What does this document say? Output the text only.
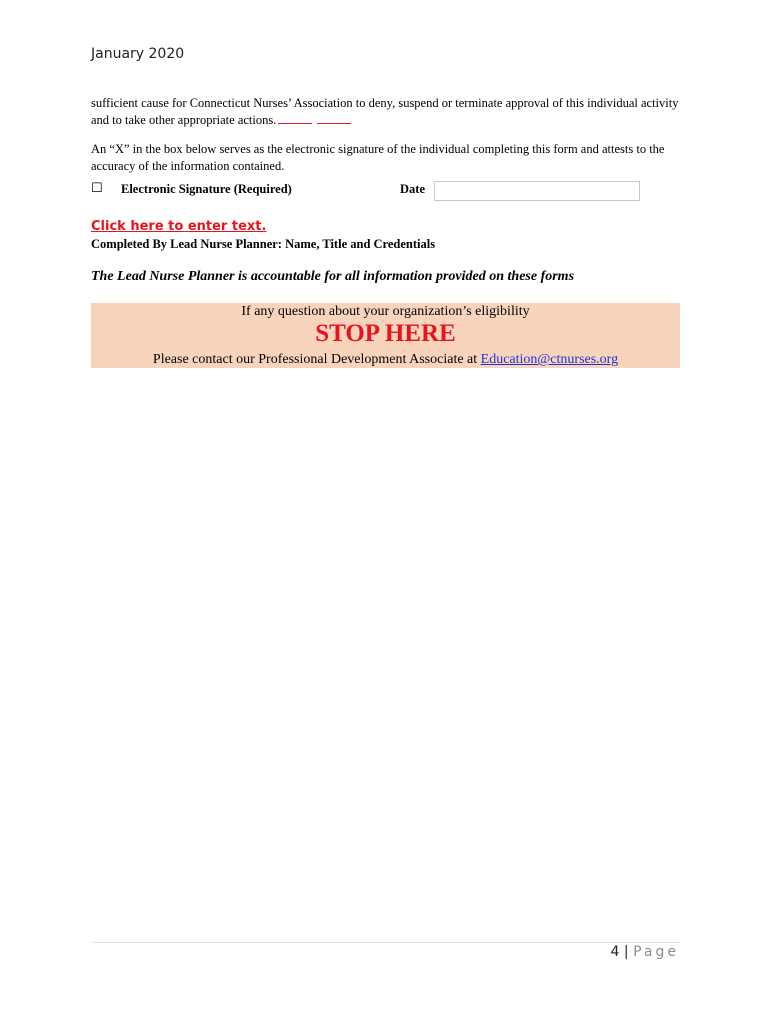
January 2020
sufficient cause for Connecticut Nurses’ Association to deny, suspend or terminate approval of this individual activity and to take other appropriate actions.
An “X” in the box below serves as the electronic signature of the individual completing this form and attests to the accuracy of the information contained.
☐ Electronic Signature (Required)	Date
Click here to enter text.
Completed By Lead Nurse Planner: Name, Title and Credentials
The Lead Nurse Planner is accountable for all information provided on these forms
If any question about your organization’s eligibility
STOP HERE
Please contact our Professional Development Associate at Education@ctnurses.org
4 | Page
